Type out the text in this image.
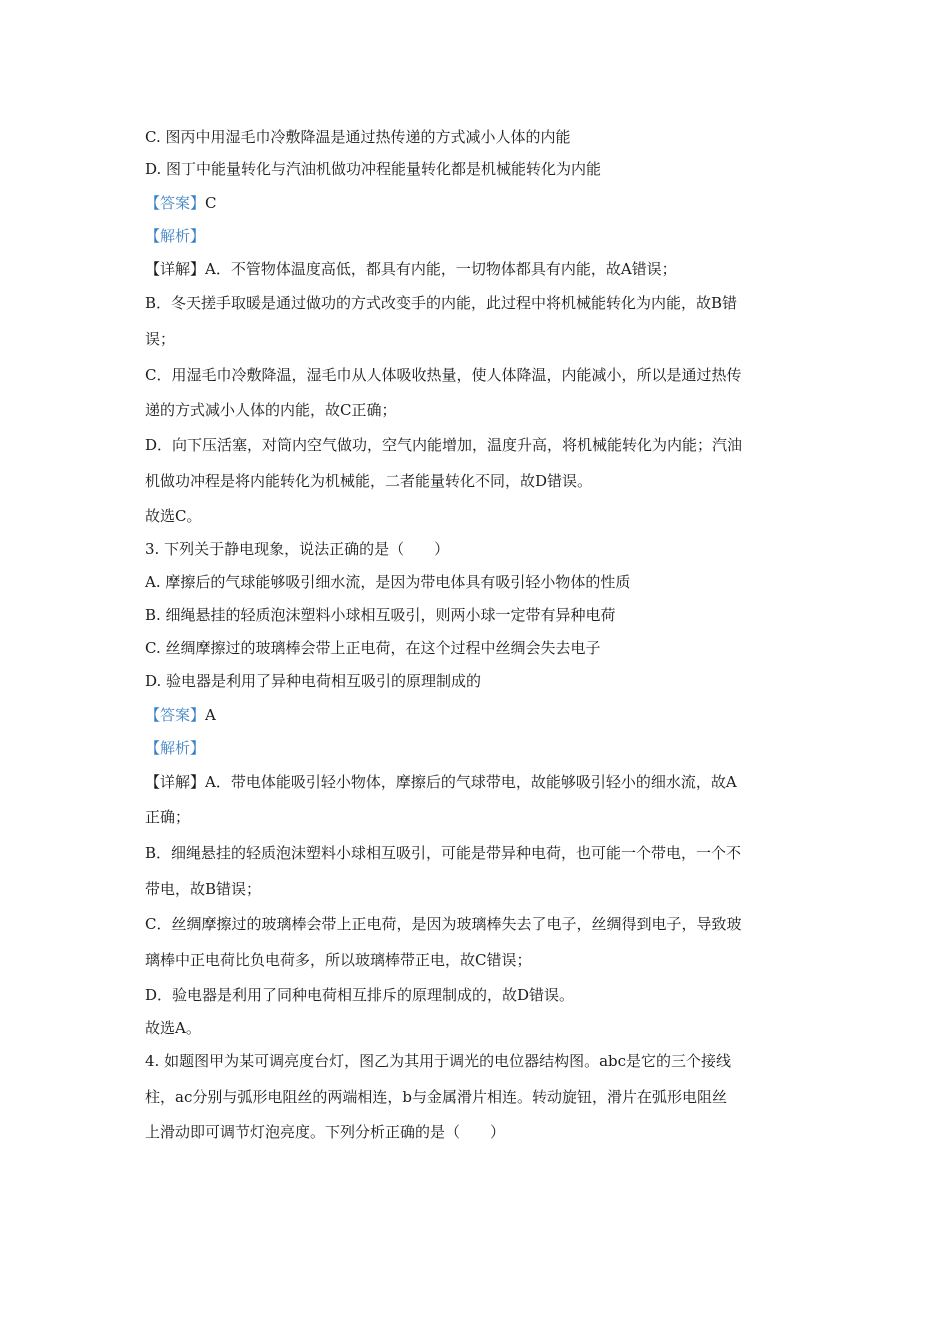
C. 图丙中用湿毛巾冷敷降温是通过热传递的方式减小人体的内能
D. 图丁中能量转化与汽油机做功冲程能量转化都是机械能转化为内能
【答案】C
【解析】
【详解】A．不管物体温度高低，都具有内能，一切物体都具有内能，故A错误；
B．冬天搓手取暖是通过做功的方式改变手的内能，此过程中将机械能转化为内能，故B错
误；
C．用湿毛巾冷敷降温，湿毛巾从人体吸收热量，使人体降温，内能减小，所以是通过热传
递的方式减小人体的内能，故C正确；
D．向下压活塞，对筒内空气做功，空气内能增加，温度升高，将机械能转化为内能；汽油
机做功冲程是将内能转化为机械能，二者能量转化不同，故D错误。
故选C。
3. 下列关于静电现象，说法正确的是（　　）
A. 摩擦后的气球能够吸引细水流，是因为带电体具有吸引轻小物体的性质
B. 细绳悬挂的轻质泡沫塑料小球相互吸引，则两小球一定带有异种电荷
C. 丝绸摩擦过的玻璃棒会带上正电荷，在这个过程中丝绸会失去电子
D. 验电器是利用了异种电荷相互吸引的原理制成的
【答案】A
【解析】
【详解】A．带电体能吸引轻小物体，摩擦后的气球带电，故能够吸引轻小的细水流，故A
正确；
B．细绳悬挂的轻质泡沫塑料小球相互吸引，可能是带异种电荷，也可能一个带电，一个不
带电，故B错误；
C．丝绸摩擦过的玻璃棒会带上正电荷，是因为玻璃棒失去了电子，丝绸得到电子，导致玻
璃棒中正电荷比负电荷多，所以玻璃棒带正电，故C错误；
D．验电器是利用了同种电荷相互排斥的原理制成的，故D错误。
故选A。
4. 如题图甲为某可调亮度台灯，图乙为其用于调光的电位器结构图。abc是它的三个接线
柱，ac分别与弧形电阻丝的两端相连，b与金属滑片相连。转动旋钮，滑片在弧形电阻丝
上滑动即可调节灯泡亮度。下列分析正确的是（　　）
